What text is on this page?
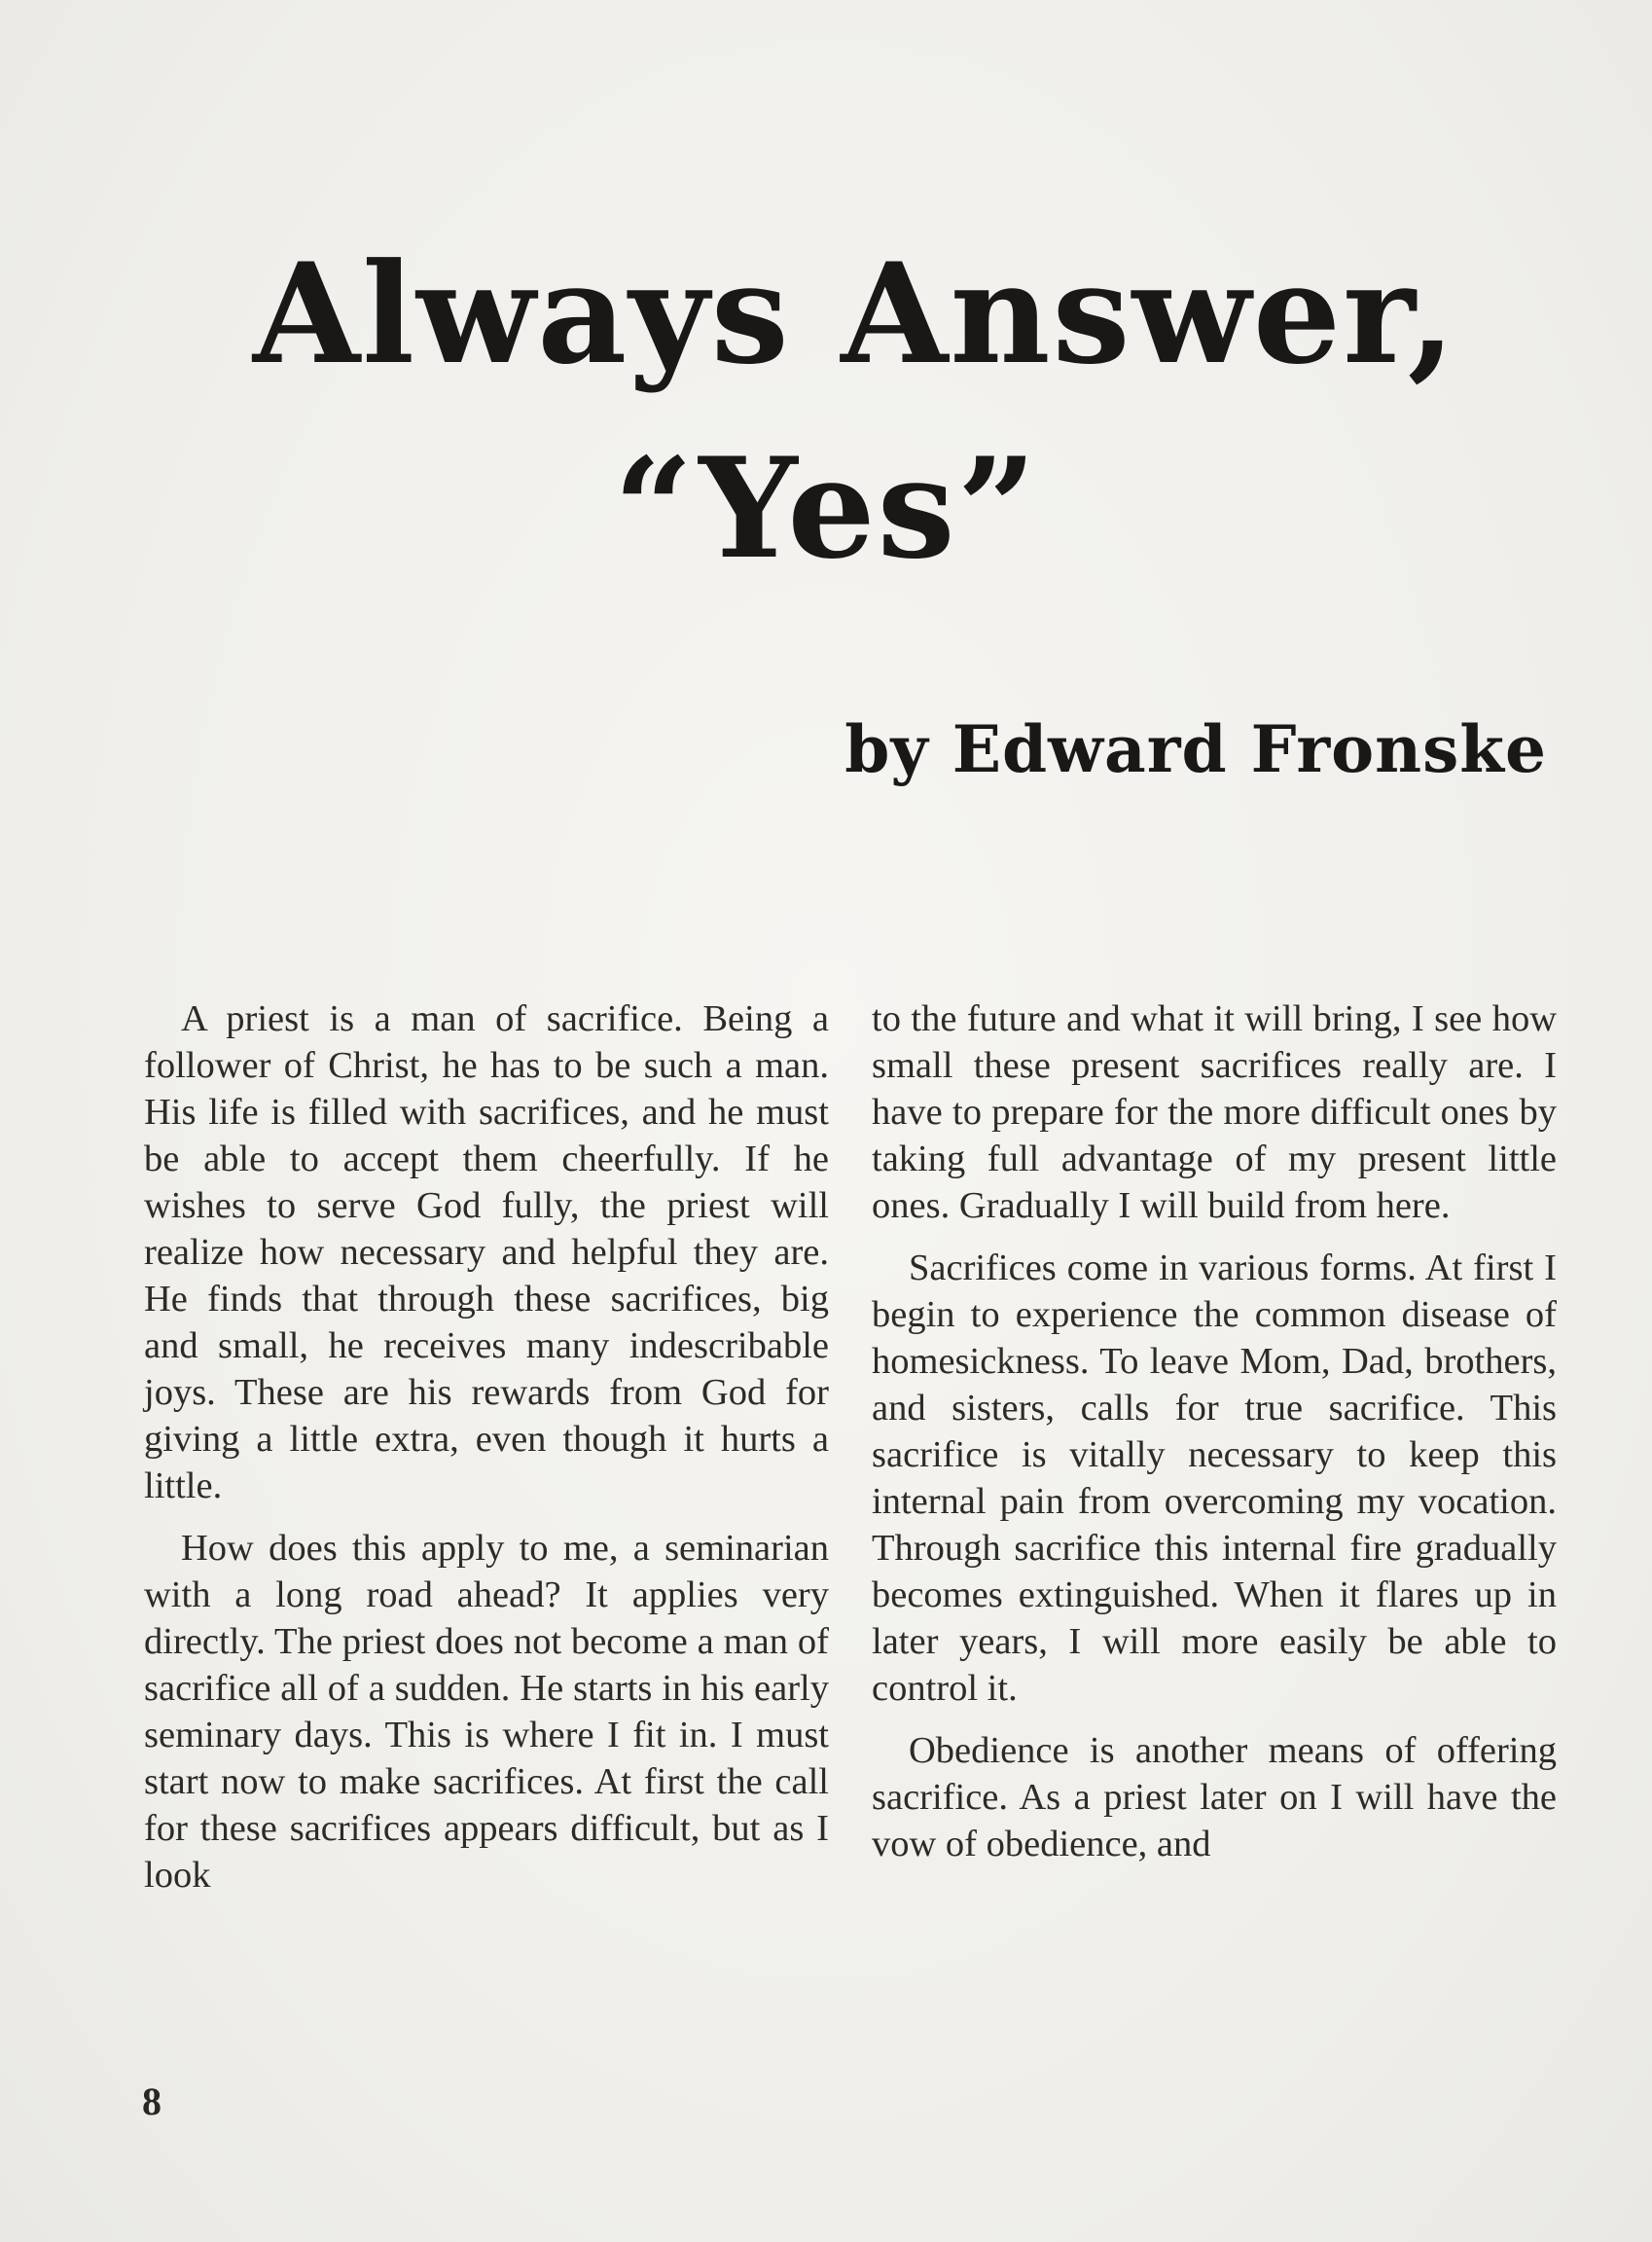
Always Answer,
“Yes”
by Edward Fronske

A priest is a man of sacrifice. Being a follower of Christ, he has to be such a man. His life is filled with sacrifices, and he must be able to accept them cheerfully. If he wishes to serve God fully, the priest will realize how necessary and helpful they are. He finds that through these sacrifices, big and small, he receives many indescribable joys. These are his rewards from God for giving a little extra, even though it hurts a little.

How does this apply to me, a seminarian with a long road ahead? It applies very directly. The priest does not become a man of sacrifice all of a sudden. He starts in his early seminary days. This is where I fit in. I must start now to make sacrifices. At first the call for these sacrifices appears difficult, but as I look

to the future and what it will bring, I see how small these present sacrifices really are. I have to prepare for the more difficult ones by taking full advantage of my present little ones. Gradually I will build from here.

Sacrifices come in various forms. At first I begin to experience the common disease of homesickness. To leave Mom, Dad, brothers, and sisters, calls for true sacrifice. This sacrifice is vitally necessary to keep this internal pain from overcoming my vocation. Through sacrifice this internal fire gradually becomes extinguished. When it flares up in later years, I will more easily be able to control it.

Obedience is another means of offering sacrifice. As a priest later on I will have the vow of obedience, and

8
